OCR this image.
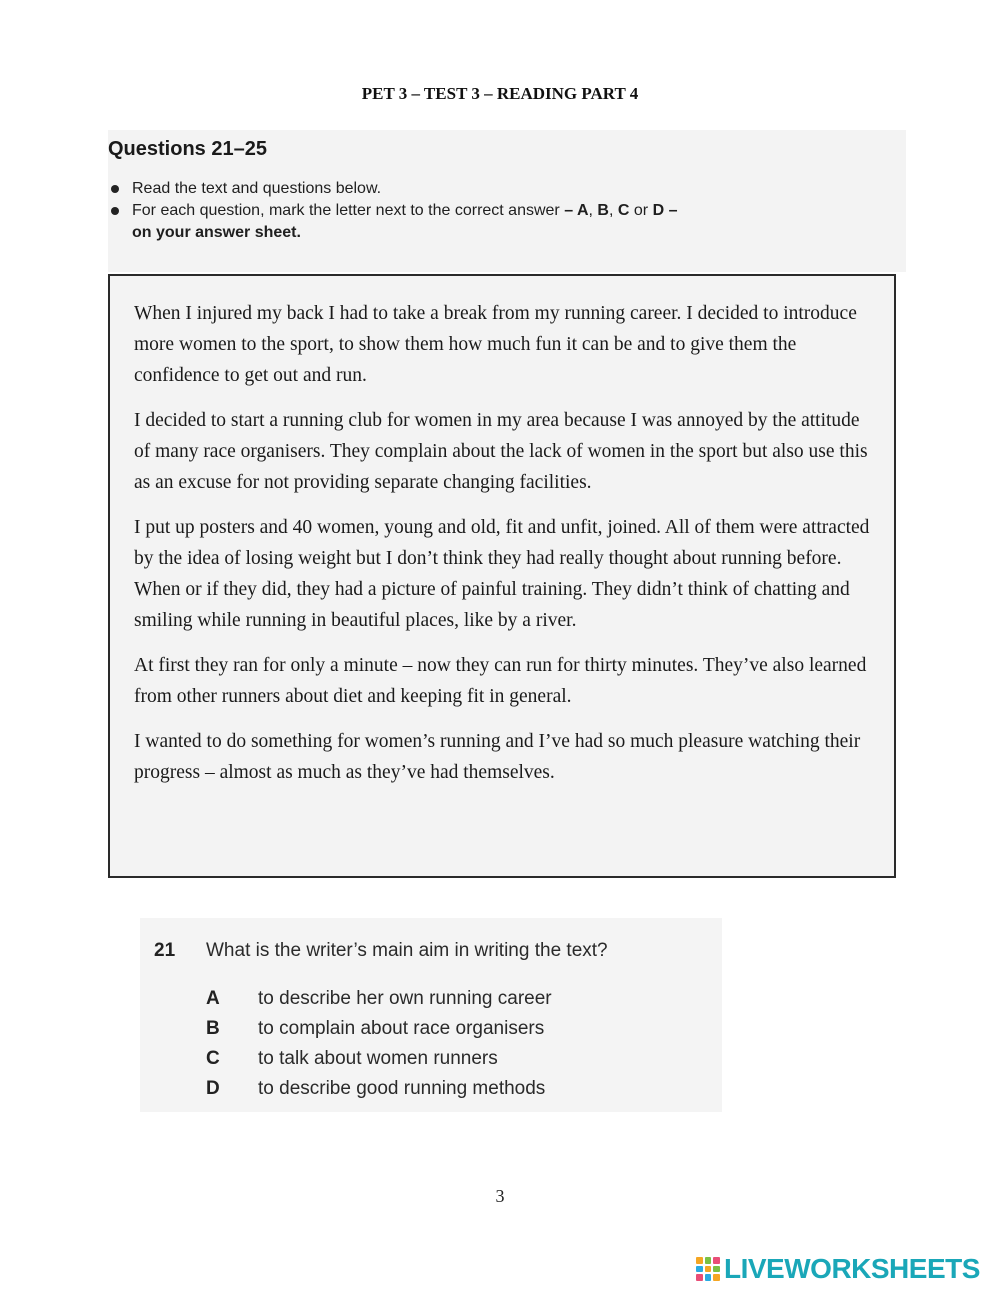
PET 3 – TEST 3 – READING PART 4
Questions 21–25
Read the text and questions below.
For each question, mark the letter next to the correct answer – A, B, C or D –
on your answer sheet.

When I injured my back I had to take a break from my running career. I decided to introduce more women to the sport, to show them how much fun it can be and to give them the confidence to get out and run.

I decided to start a running club for women in my area because I was annoyed by the attitude of many race organisers. They complain about the lack of women in the sport but also use this as an excuse for not providing separate changing facilities.

I put up posters and 40 women, young and old, fit and unfit, joined. All of them were attracted by the idea of losing weight but I don’t think they had really thought about running before. When or if they did, they had a picture of painful training. They didn’t think of chatting and smiling while running in beautiful places, like by a river.

At first they ran for only a minute – now they can run for thirty minutes. They’ve also learned from other runners about diet and keeping fit in general.

I wanted to do something for women’s running and I’ve had so much pleasure watching their progress – almost as much as they’ve had themselves.

21 What is the writer’s main aim in writing the text?
A to describe her own running career
B to complain about race organisers
C to talk about women runners
D to describe good running methods
3
LIVEWORKSHEETS
